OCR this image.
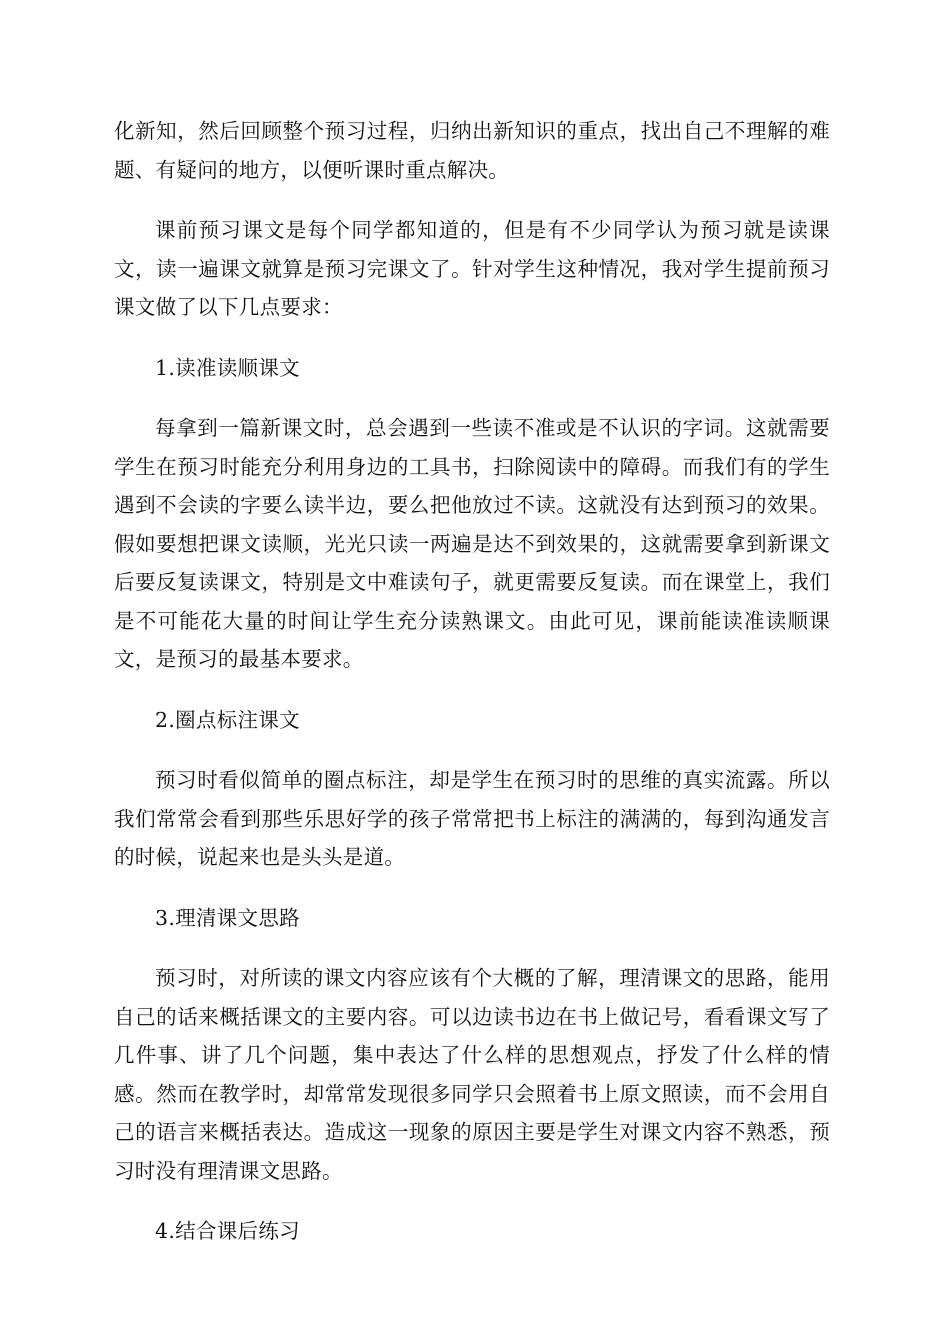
化新知，然后回顾整个预习过程，归纳出新知识的重点，找出自己不理解的难题、有疑问的地方，以便听课时重点解决。

课前预习课文是每个同学都知道的，但是有不少同学认为预习就是读课文，读一遍课文就算是预习完课文了。针对学生这种情况，我对学生提前预习课文做了以下几点要求：

1.读准读顺课文

每拿到一篇新课文时，总会遇到一些读不准或是不认识的字词。这就需要学生在预习时能充分利用身边的工具书，扫除阅读中的障碍。而我们有的学生遇到不会读的字要么读半边，要么把他放过不读。这就没有达到预习的效果。假如要想把课文读顺，光光只读一两遍是达不到效果的，这就需要拿到新课文后要反复读课文，特别是文中难读句子，就更需要反复读。而在课堂上，我们是不可能花大量的时间让学生充分读熟课文。由此可见，课前能读准读顺课文，是预习的最基本要求。

2.圈点标注课文

预习时看似简单的圈点标注，却是学生在预习时的思维的真实流露。所以我们常常会看到那些乐思好学的孩子常常把书上标注的满满的，每到沟通发言的时候，说起来也是头头是道。

3.理清课文思路

预习时，对所读的课文内容应该有个大概的了解，理清课文的思路，能用自己的话来概括课文的主要内容。可以边读书边在书上做记号，看看课文写了几件事、讲了几个问题，集中表达了什么样的思想观点，抒发了什么样的情感。然而在教学时，却常常发现很多同学只会照着书上原文照读，而不会用自己的语言来概括表达。造成这一现象的原因主要是学生对课文内容不熟悉，预习时没有理清课文思路。

4.结合课后练习
